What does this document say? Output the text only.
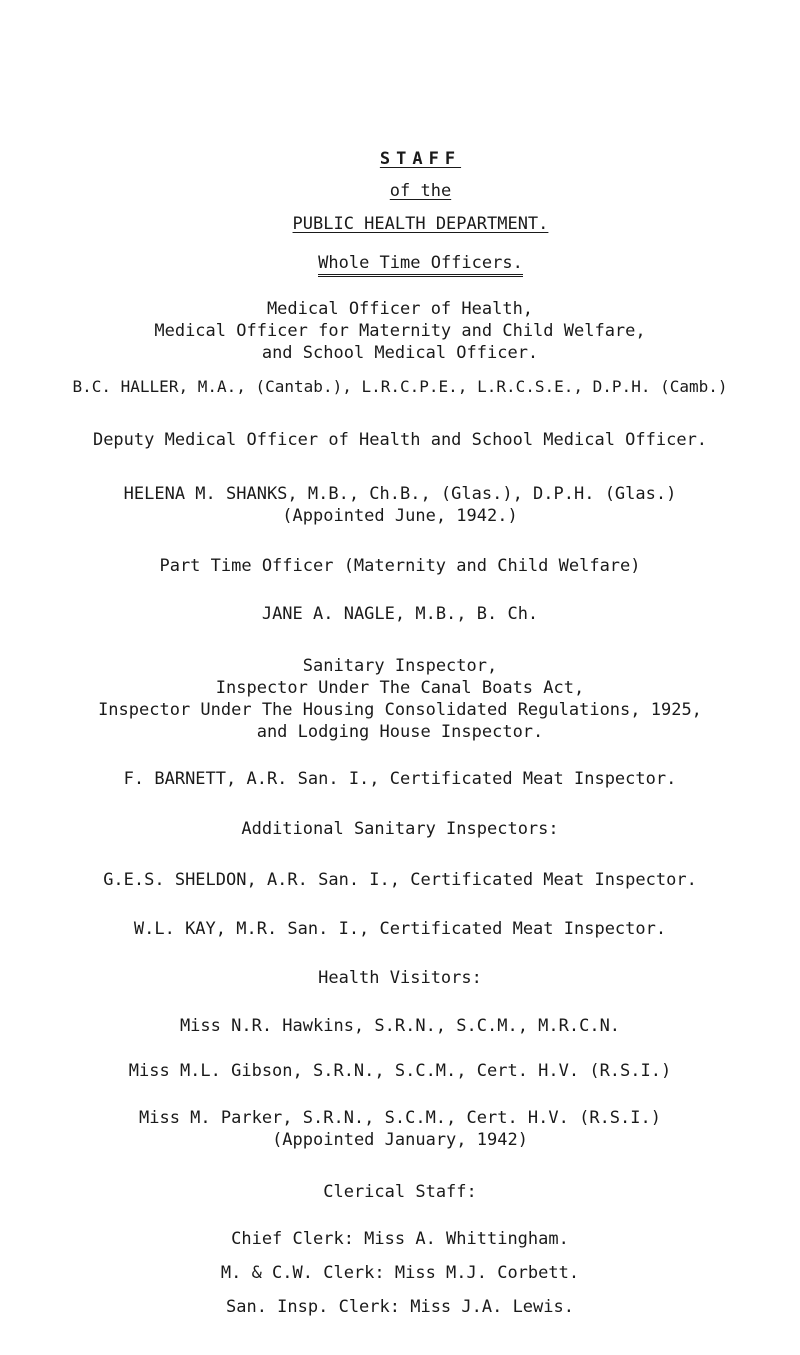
STAFF

of the

PUBLIC HEALTH DEPARTMENT.

Whole Time Officers.

Medical Officer of Health,
Medical Officer for Maternity and Child Welfare,
and School Medical Officer.
B.C. HALLER, M.A., (Cantab.), L.R.C.P.E., L.R.C.S.E., D.P.H. (Camb.)
Deputy Medical Officer of Health and School Medical Officer.
HELENA M. SHANKS, M.B., Ch.B., (Glas.), D.P.H. (Glas.)
(Appointed June, 1942.)
Part Time Officer (Maternity and Child Welfare)
JANE A. NAGLE, M.B., B. Ch.
Sanitary Inspector,
Inspector Under The Canal Boats Act,
Inspector Under The Housing Consolidated Regulations, 1925,
and Lodging House Inspector.
F. BARNETT, A.R. San. I., Certificated Meat Inspector.
Additional Sanitary Inspectors:
G.E.S. SHELDON, A.R. San. I., Certificated Meat Inspector.
W.L. KAY, M.R. San. I., Certificated Meat Inspector.
Health Visitors:
Miss N.R. Hawkins, S.R.N., S.C.M., M.R.C.N.
Miss M.L. Gibson, S.R.N., S.C.M., Cert. H.V. (R.S.I.)
Miss M. Parker, S.R.N., S.C.M., Cert. H.V. (R.S.I.)
(Appointed January, 1942)
Clerical Staff:
Chief Clerk: Miss A. Whittingham.
M. & C.W. Clerk: Miss M.J. Corbett.
San. Insp. Clerk: Miss J.A. Lewis.
